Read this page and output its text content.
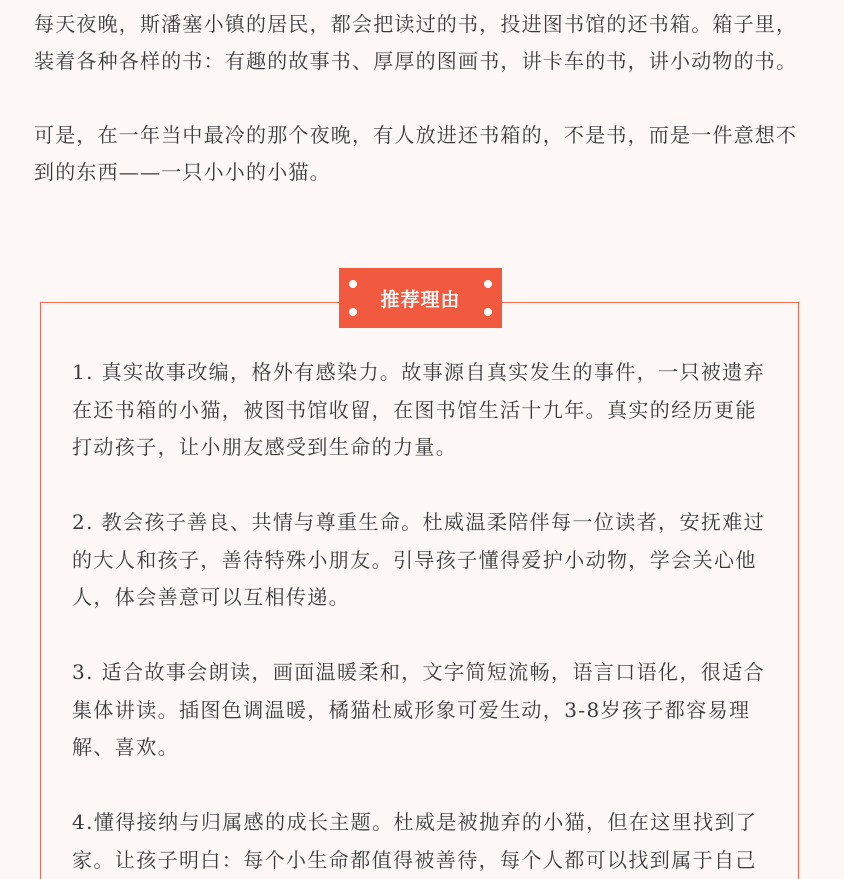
每天夜晚，斯潘塞小镇的居民，都会把读过的书，投进图书馆的还书箱。箱子里，装着各种各样的书：有趣的故事书、厚厚的图画书，讲卡车的书，讲小动物的书。

可是，在一年当中最冷的那个夜晚，有人放进还书箱的，不是书，而是一件意想不到的东西——一只小小的小猫。

推荐理由

1. 真实故事改编，格外有感染力。故事源自真实发生的事件，一只被遗弃在还书箱的小猫，被图书馆收留，在图书馆生活十九年。真实的经历更能打动孩子，让小朋友感受到生命的力量。

2. 教会孩子善良、共情与尊重生命。杜威温柔陪伴每一位读者，安抚难过的大人和孩子，善待特殊小朋友。引导孩子懂得爱护小动物，学会关心他人，体会善意可以互相传递。

3. 适合故事会朗读，画面温暖柔和，文字简短流畅，语言口语化，很适合集体讲读。插图色调温暖，橘猫杜威形象可爱生动，3-8岁孩子都容易理解、喜欢。

4.懂得接纳与归属感的成长主题。杜威是被抛弃的小猫，但在这里找到了家。让孩子明白：每个小生命都值得被善待，每个人都可以找到属于自己
